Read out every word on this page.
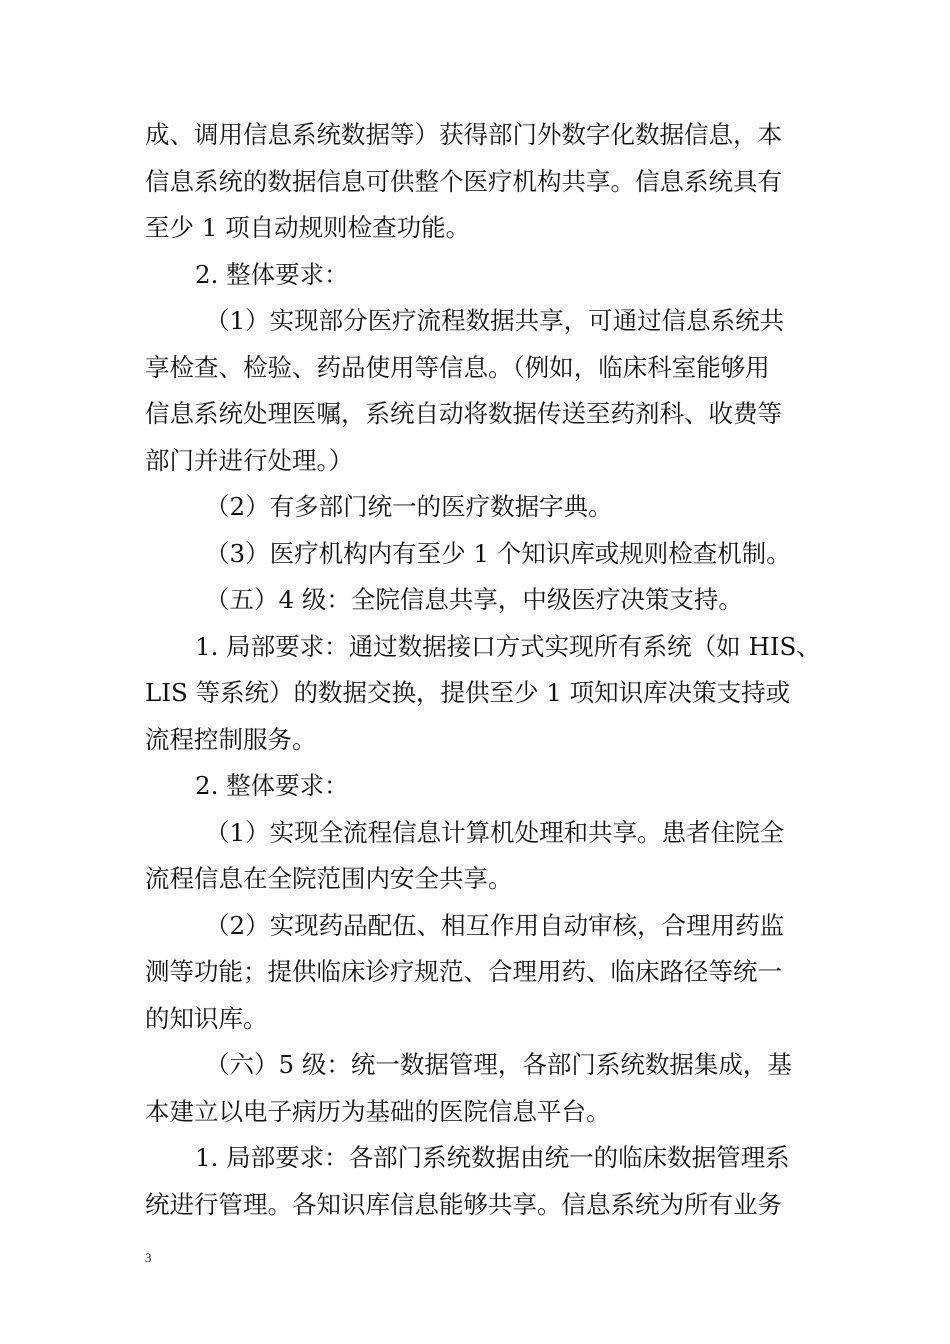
成、调用信息系统数据等）获得部门外数字化数据信息，本
信息系统的数据信息可供整个医疗机构共享。信息系统具有
至少 1 项自动规则检查功能。
2. 整体要求：
（1）实现部分医疗流程数据共享，可通过信息系统共
享检查、检验、药品使用等信息。（例如，临床科室能够用
信息系统处理医嘱，系统自动将数据传送至药剂科、收费等
部门并进行处理。）
（2）有多部门统一的医疗数据字典。
（3）医疗机构内有至少 1 个知识库或规则检查机制。
（五）4 级：全院信息共享，中级医疗决策支持。
1. 局部要求：通过数据接口方式实现所有系统（如 HIS、
LIS 等系统）的数据交换，提供至少 1 项知识库决策支持或
流程控制服务。
2. 整体要求：
（1）实现全流程信息计算机处理和共享。患者住院全
流程信息在全院范围内安全共享。
（2）实现药品配伍、相互作用自动审核，合理用药监
测等功能；提供临床诊疗规范、合理用药、临床路径等统一
的知识库。
（六）5 级：统一数据管理，各部门系统数据集成，基
本建立以电子病历为基础的医院信息平台。
1. 局部要求：各部门系统数据由统一的临床数据管理系
统进行管理。各知识库信息能够共享。信息系统为所有业务
3
